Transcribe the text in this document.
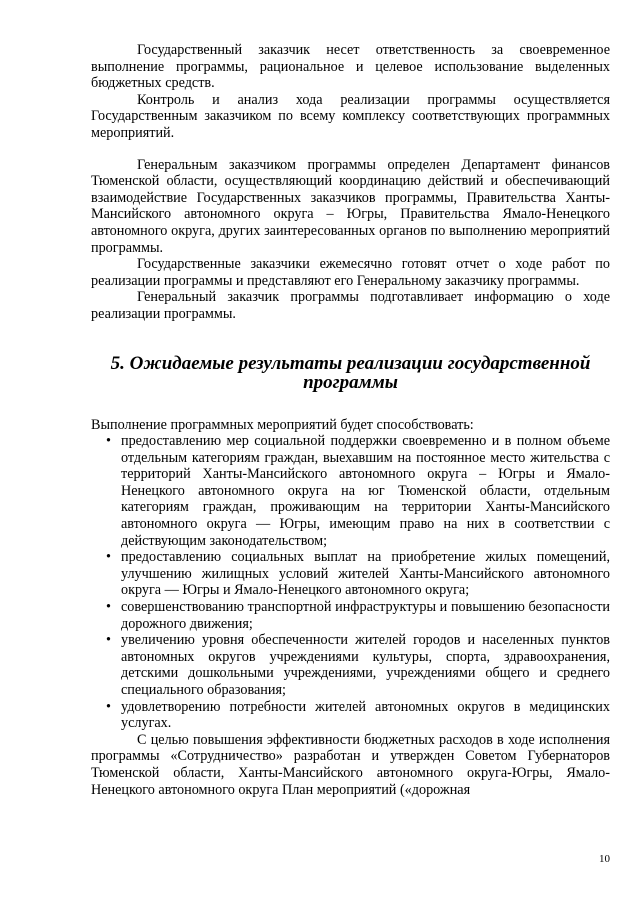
Государственный заказчик несет ответственность за своевременное выполнение программы, рациональное и целевое использование выделенных бюджетных средств.

Контроль и анализ хода реализации программы осуществляется Государственным заказчиком по всему комплексу соответствующих программных мероприятий.

Генеральным заказчиком программы определен Департамент финансов Тюменской области, осуществляющий координацию действий и обеспечивающий взаимодействие Государственных заказчиков программы, Правительства Ханты-Мансийского автономного округа – Югры, Правительства Ямало-Ненецкого автономного округа, других заинтересованных органов по выполнению мероприятий программы.

Государственные заказчики ежемесячно готовят отчет о ходе работ по реализации программы и представляют его Генеральному заказчику программы.

Генеральный заказчик программы подготавливает информацию о ходе реализации программы.

5. Ожидаемые результаты реализации государственной программы

Выполнение программных мероприятий будет способствовать:

• предоставлению мер социальной поддержки своевременно и в полном объеме отдельным категориям граждан, выехавшим на постоянное место жительства с территорий Ханты-Мансийского автономного округа – Югры и Ямало-Ненецкого автономного округа на юг Тюменской области, отдельным категориям граждан, проживающим на территории Ханты-Мансийского автономного округа — Югры, имеющим право на них в соответствии с действующим законодательством;
• предоставлению социальных выплат на приобретение жилых помещений, улучшению жилищных условий жителей Ханты-Мансийского автономного округа — Югры и Ямало-Ненецкого автономного округа;
• совершенствованию транспортной инфраструктуры и повышению безопасности дорожного движения;
• увеличению уровня обеспеченности жителей городов и населенных пунктов автономных округов учреждениями культуры, спорта, здравоохранения, детскими дошкольными учреждениями, учреждениями общего и среднего специального образования;
• удовлетворению потребности жителей автономных округов в медицинских услугах.

С целью повышения эффективности бюджетных расходов в ходе исполнения программы «Сотрудничество» разработан и утвержден Советом Губернаторов Тюменской области, Ханты-Мансийского автономного округа-Югры, Ямало-Ненецкого автономного округа План мероприятий («дорожная

10
